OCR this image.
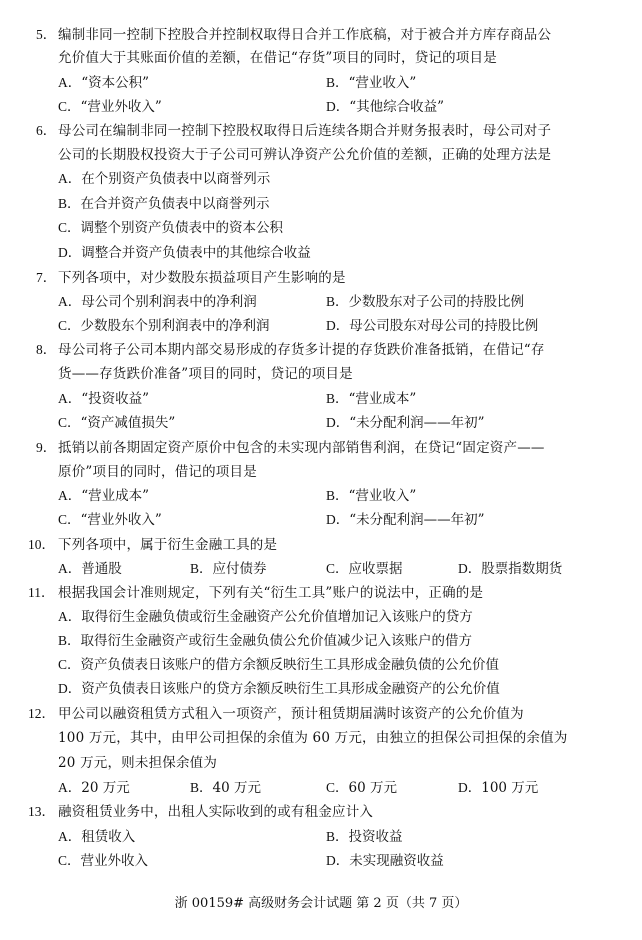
5． 编制非同一控制下控股合并控制权取得日合并工作底稿，对于被合并方库存商品公
允价值大于其账面价值的差额，在借记“存货”项目的同时，贷记的项目是
A．“资本公积”	B．“营业收入”
C．“营业外收入”	D．“其他综合收益”
6． 母公司在编制非同一控制下控股权取得日后连续各期合并财务报表时，母公司对子
公司的长期股权投资大于子公司可辨认净资产公允价值的差额，正确的处理方法是
A．在个别资产负债表中以商誉列示
B．在合并资产负债表中以商誉列示
C．调整个别资产负债表中的资本公积
D．调整合并资产负债表中的其他综合收益
7． 下列各项中，对少数股东损益项目产生影响的是
A．母公司个别利润表中的净利润	B．少数股东对子公司的持股比例
C．少数股东个别利润表中的净利润	D．母公司股东对母公司的持股比例
8． 母公司将子公司本期内部交易形成的存货多计提的存货跌价准备抵销，在借记“存
货——存货跌价准备”项目的同时，贷记的项目是
A．“投资收益”	B．“营业成本”
C．“资产减值损失”	D．“未分配利润——年初”
9． 抵销以前各期固定资产原价中包含的未实现内部销售利润，在贷记“固定资产——
原价”项目的同时，借记的项目是
A．“营业成本”	B．“营业收入”
C．“营业外收入”	D．“未分配利润——年初”
10． 下列各项中，属于衍生金融工具的是
A．普通股	B．应付债券	C．应收票据	D．股票指数期货
11． 根据我国会计准则规定，下列有关“衍生工具”账户的说法中，正确的是
A．取得衍生金融负债或衍生金融资产公允价值增加记入该账户的贷方
B．取得衍生金融资产或衍生金融负债公允价值减少记入该账户的借方
C．资产负债表日该账户的借方余额反映衍生工具形成金融负债的公允价值
D．资产负债表日该账户的贷方余额反映衍生工具形成金融资产的公允价值
12． 甲公司以融资租赁方式租入一项资产，预计租赁期届满时该资产的公允价值为
100 万元，其中，由甲公司担保的余值为 60 万元，由独立的担保公司担保的余值为
20 万元，则未担保余值为
A．20 万元	B．40 万元	C．60 万元	D．100 万元
13． 融资租赁业务中，出租人实际收到的或有租金应计入
A．租赁收入	B．投资收益
C．营业外收入	D．未实现融资收益
浙 00159# 高级财务会计试题 第 2 页（共 7 页）
